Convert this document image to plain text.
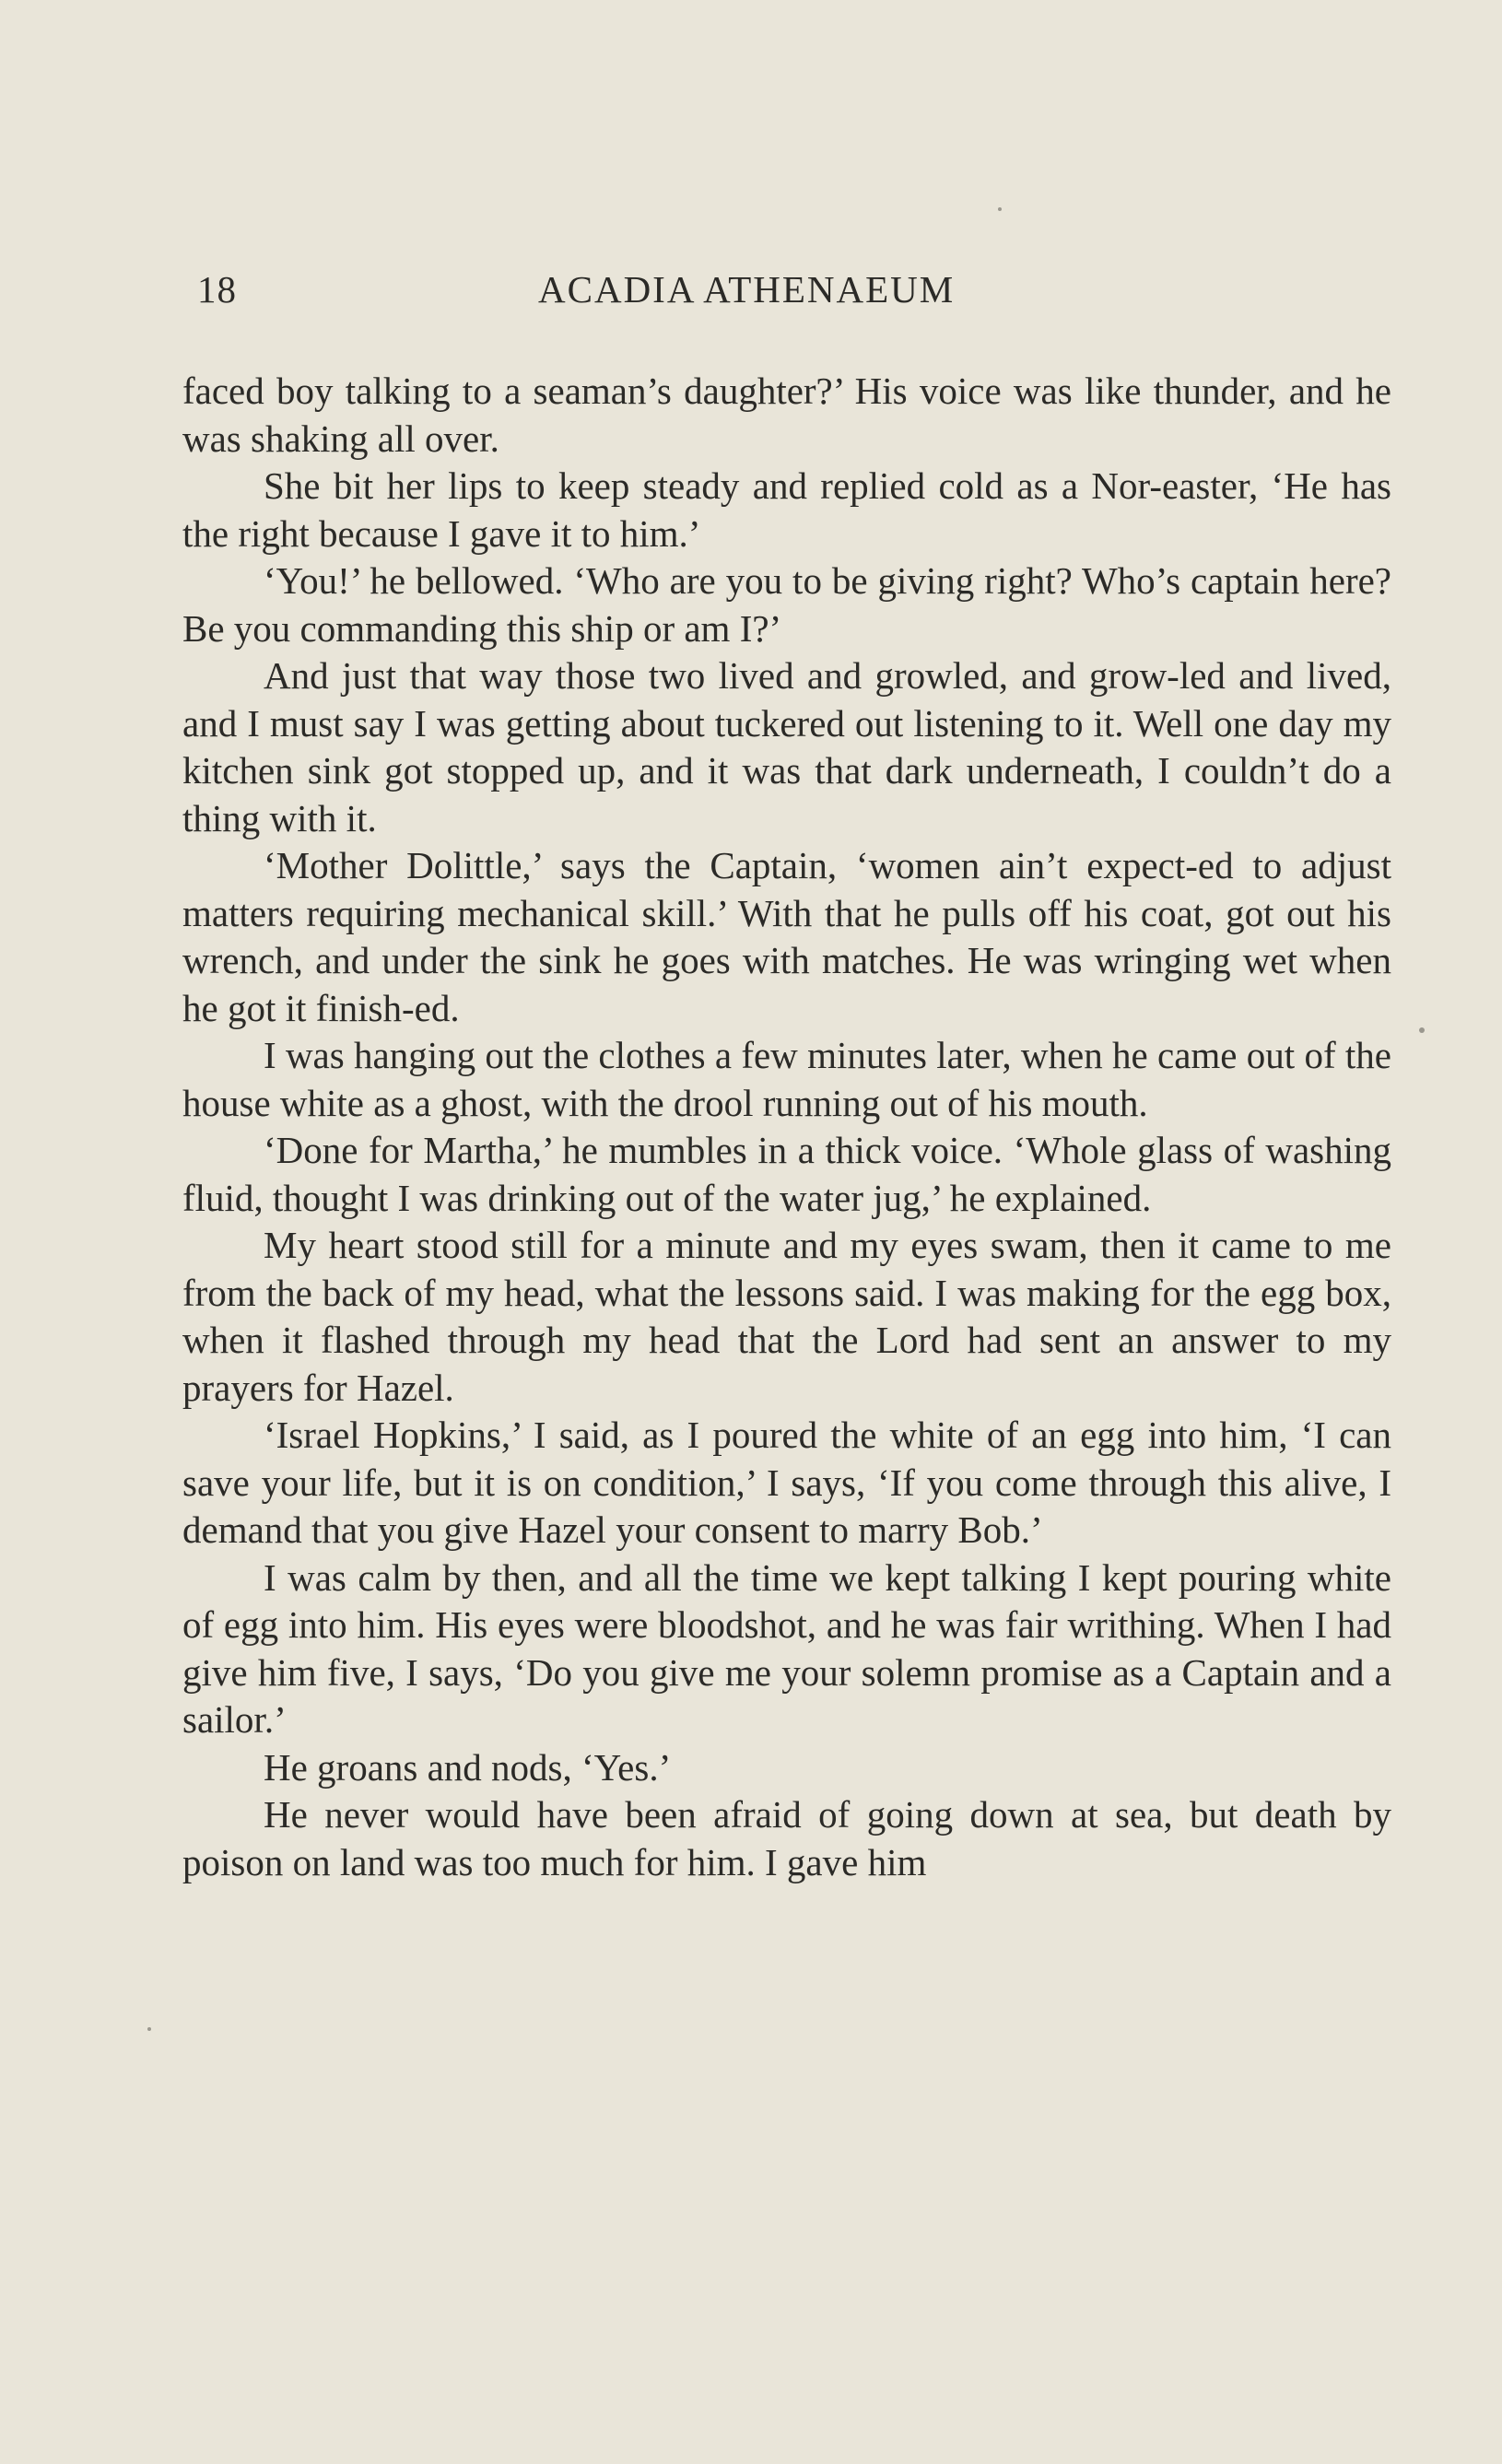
18	ACADIA ATHENAEUM

faced boy talking to a seaman’s daughter?’ His voice was like thunder, and he was shaking all over.

She bit her lips to keep steady and replied cold as a Nor-easter, ‘He has the right because I gave it to him.’

‘You!’ he bellowed. ‘Who are you to be giving right? Who’s captain here? Be you commanding this ship or am I?’

And just that way those two lived and growled, and grow-led and lived, and I must say I was getting about tuckered out listening to it. Well one day my kitchen sink got stopped up, and it was that dark underneath, I couldn’t do a thing with it.

‘Mother Dolittle,’ says the Captain, ‘women ain’t expect-ed to adjust matters requiring mechanical skill.’ With that he pulls off his coat, got out his wrench, and under the sink he goes with matches. He was wringing wet when he got it finish-ed.

I was hanging out the clothes a few minutes later, when he came out of the house white as a ghost, with the drool running out of his mouth.

‘Done for Martha,’ he mumbles in a thick voice. ‘Whole glass of washing fluid, thought I was drinking out of the water jug,’ he explained.

My heart stood still for a minute and my eyes swam, then it came to me from the back of my head, what the lessons said. I was making for the egg box, when it flashed through my head that the Lord had sent an answer to my prayers for Hazel.

‘Israel Hopkins,’ I said, as I poured the white of an egg into him, ‘I can save your life, but it is on condition,’ I says, ‘If you come through this alive, I demand that you give Hazel your consent to marry Bob.’

I was calm by then, and all the time we kept talking I kept pouring white of egg into him. His eyes were bloodshot, and he was fair writhing. When I had give him five, I says, ‘Do you give me your solemn promise as a Captain and a sailor.’

He groans and nods, ‘Yes.’

He never would have been afraid of going down at sea, but death by poison on land was too much for him. I gave him
